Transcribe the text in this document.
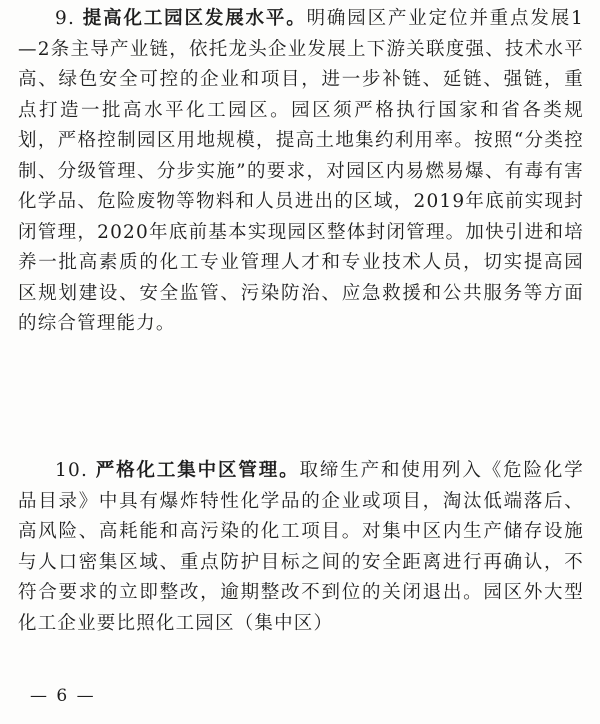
9. 提高化工园区发展水平。明确园区产业定位并重点发展1—2条主导产业链，依托龙头企业发展上下游关联度强、技术水平高、绿色安全可控的企业和项目，进一步补链、延链、强链，重点打造一批高水平化工园区。园区须严格执行国家和省各类规划，严格控制园区用地规模，提高土地集约利用率。按照“分类控制、分级管理、分步实施”的要求，对园区内易燃易爆、有毒有害化学品、危险废物等物料和人员进出的区域，2019年底前实现封闭管理，2020年底前基本实现园区整体封闭管理。加快引进和培养一批高素质的化工专业管理人才和专业技术人员，切实提高园区规划建设、安全监管、污染防治、应急救援和公共服务等方面的综合管理能力。

10. 严格化工集中区管理。取缔生产和使用列入《危险化学品目录》中具有爆炸特性化学品的企业或项目，淘汰低端落后、高风险、高耗能和高污染的化工项目。对集中区内生产储存设施与人口密集区域、重点防护目标之间的安全距离进行再确认，不符合要求的立即整改，逾期整改不到位的关闭退出。园区外大型化工企业要比照化工园区（集中区）

— 6 —
